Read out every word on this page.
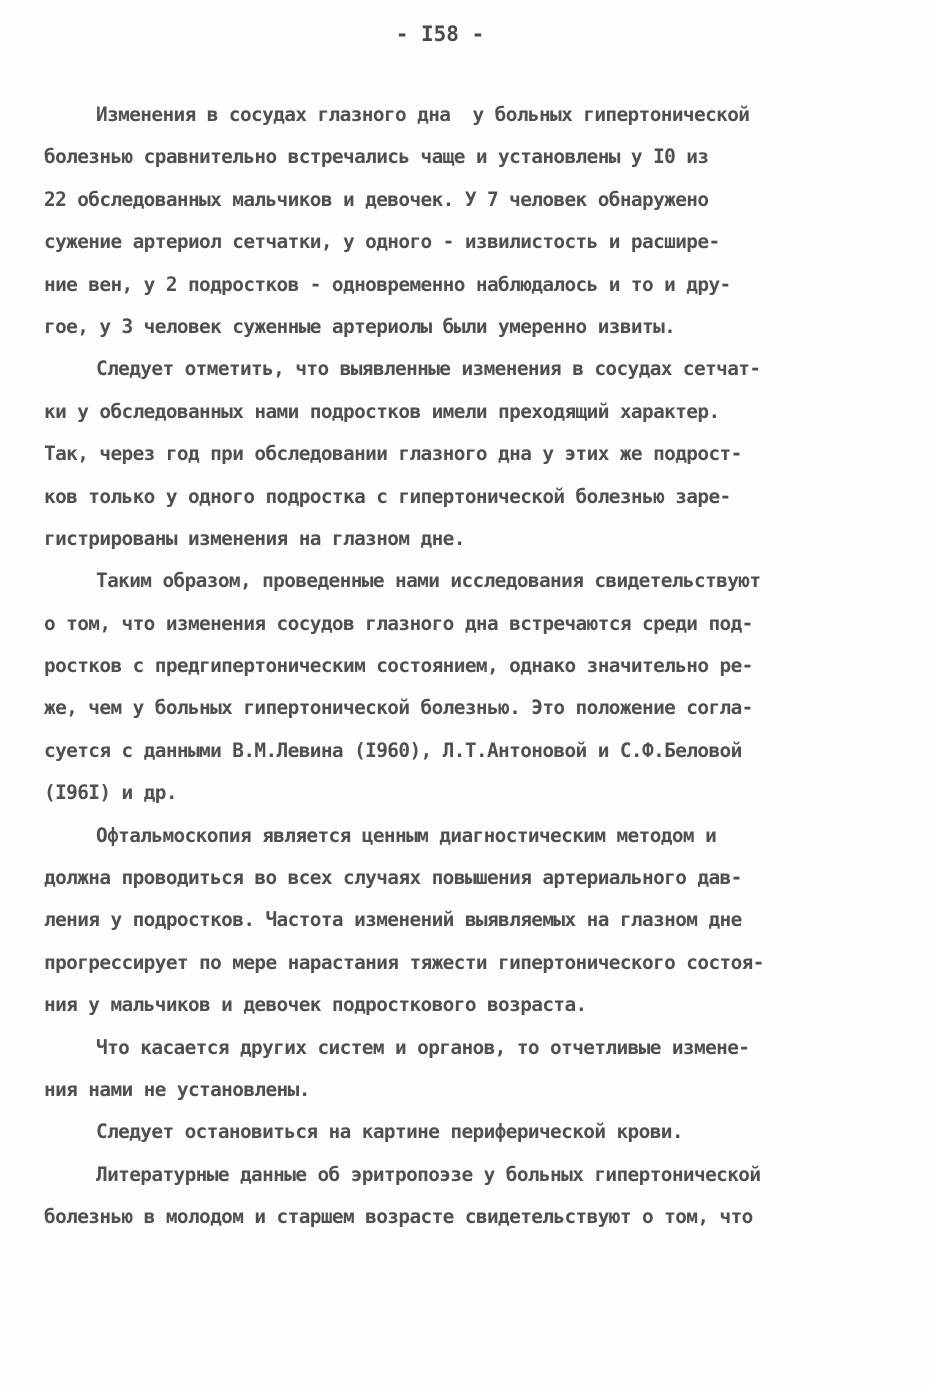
- I58 -
Изменения в сосудах глазного дна  у больных гипертонической
болезнью сравнительно встречались чаще и установлены у I0 из
22 обследованных мальчиков и девочек. У 7 человек обнаружено
сужение артериол сетчатки, у одного - извилистость и расшире-
ние вен, у 2 подростков - одновременно наблюдалось и то и дру-
гое, у 3 человек суженные артериолы были умеренно извиты.
Следует отметить, что выявленные изменения в сосудах сетчат-
ки у обследованных нами подростков имели преходящий характер.
Так, через год при обследовании глазного дна у этих же подрост-
ков только у одного подростка с гипертонической болезнью заре-
гистрированы изменения на глазном дне.
Таким образом, проведенные нами исследования свидетельствуют
о том, что изменения сосудов глазного дна встречаются среди под-
ростков с предгипертоническим состоянием, однако значительно ре-
же, чем у больных гипертонической болезнью. Это положение согла-
суется с данными В.М.Левина (I960), Л.Т.Антоновой и С.Ф.Беловой
(I96I) и др.
Офтальмоскопия является ценным диагностическим методом и
должна проводиться во всех случаях повышения артериального дав-
ления у подростков. Частота изменений выявляемых на глазном дне
прогрессирует по мере нарастания тяжести гипертонического состоя-
ния у мальчиков и девочек подросткового возраста.
Что касается других систем и органов, то отчетливые измене-
ния нами не установлены.
Следует остановиться на картине периферической крови.
Литературные данные об эритропоэзе у больных гипертонической
болезнью в молодом и старшем возрасте свидетельствуют о том, что
